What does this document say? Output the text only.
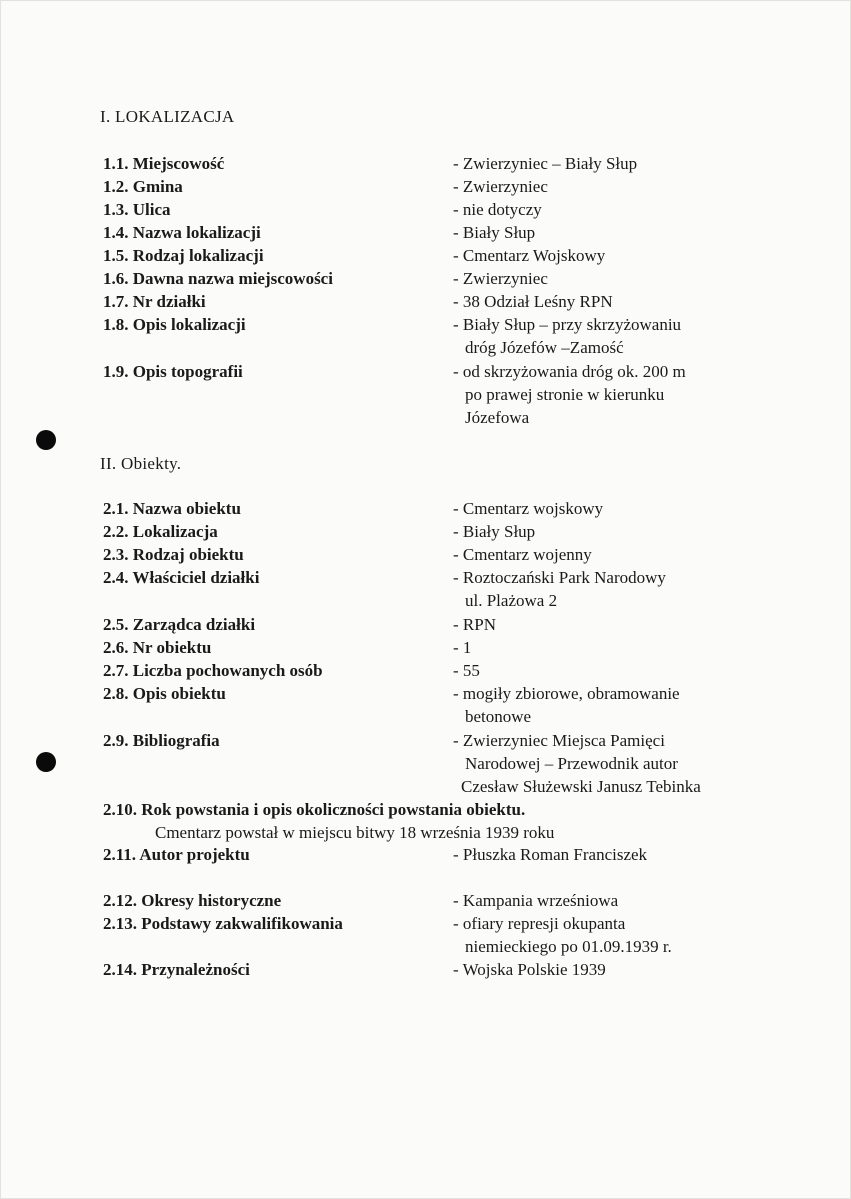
I. LOKALIZACJA
1.1. Miejscowość	- Zwierzyniec – Biały Słup
1.2. Gmina	- Zwierzyniec
1.3. Ulica	- nie dotyczy
1.4. Nazwa lokalizacji	- Biały Słup
1.5. Rodzaj lokalizacji	- Cmentarz Wojskowy
1.6. Dawna nazwa miejscowości	- Zwierzyniec
1.7. Nr działki	- 38 Odział Leśny RPN
1.8. Opis lokalizacji	- Biały Słup – przy skrzyżowaniu
dróg Józefów –Zamość
1.9. Opis topografii	- od skrzyżowania dróg ok. 200 m
po prawej stronie w kierunku
Józefowa
II. Obiekty.
2.1. Nazwa obiektu	- Cmentarz wojskowy
2.2. Lokalizacja	- Biały Słup
2.3. Rodzaj obiektu	- Cmentarz wojenny
2.4. Właściciel działki	- Roztoczański Park Narodowy
ul. Plażowa 2
2.5. Zarządca działki	- RPN
2.6. Nr obiektu	- 1
2.7. Liczba pochowanych osób	- 55
2.8. Opis obiektu	- mogiły zbiorowe, obramowanie
betonowe
2.9. Bibliografia	- Zwierzyniec Miejsca Pamięci
Narodowej – Przewodnik autor
Czesław Służewski Janusz Tebinka
2.10. Rok powstania i opis okoliczności powstania obiektu.
Cmentarz powstał w miejscu bitwy 18 września 1939 roku
2.11. Autor projektu	- Płuszka Roman Franciszek
2.12. Okresy historyczne	- Kampania wrześniowa
2.13. Podstawy zakwalifikowania	- ofiary represji okupanta
niemieckiego po 01.09.1939 r.
2.14. Przynależności	- Wojska Polskie 1939
